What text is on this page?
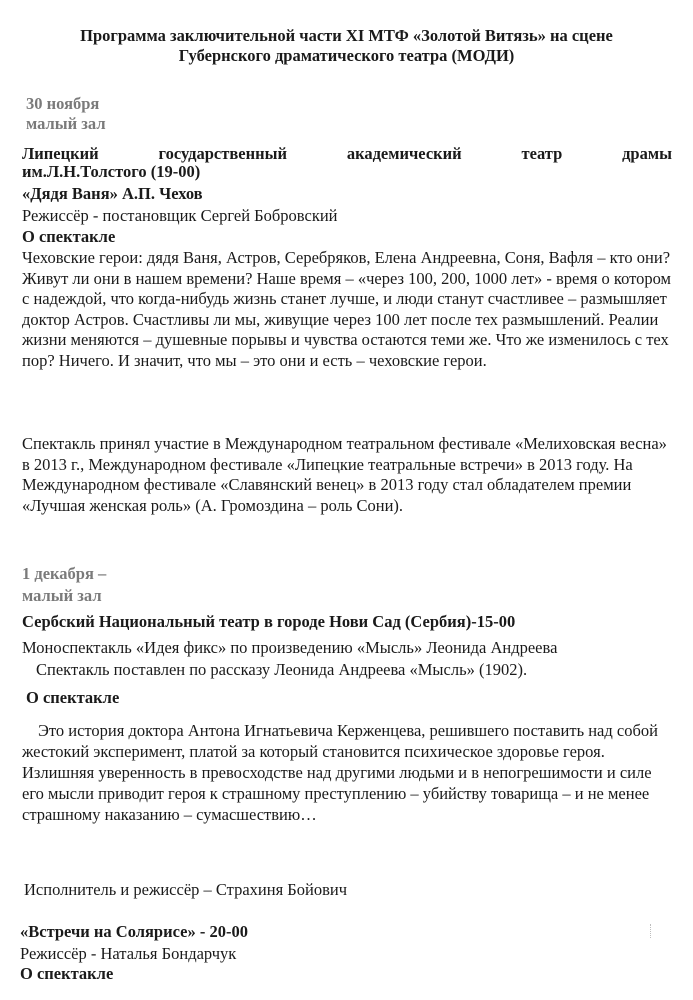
Программа заключительной части XI МТФ «Золотой Витязь» на сцене
Губернского драматического театра (МОДИ)
30 ноября
малый зал
Липецкий	государственный	академический	театр	драмы
им.Л.Н.Толстого (19-00)
«Дядя Ваня» А.П. Чехов
Режиссёр - постановщик Сергей Бобровский
О спектакле
Чеховские герои: дядя Ваня, Астров, Серебряков, Елена Андреевна, Соня, Вафля – кто они? Живут ли они в нашем времени? Наше время – «через 100, 200, 1000 лет» - время о котором с надеждой, что когда-нибудь жизнь станет лучше, и люди станут счастливее – размышляет доктор Астров. Счастливы ли мы, живущие через 100 лет после тех размышлений. Реалии жизни меняются – душевные порывы и чувства остаются теми же. Что же изменилось с тех пор? Ничего. И значит, что мы – это они и есть – чеховские герои.
Спектакль принял участие в Международном театральном фестивале «Мелиховская весна» в 2013 г., Международном фестивале «Липецкие театральные встречи» в 2013 году. На Международном фестивале «Славянский венец» в 2013 году стал обладателем премии «Лучшая женская роль» (А. Громоздина – роль Сони).
1 декабря –
малый зал
Сербский Национальный театр в городе Нови Сад (Сербия)-15-00
Моноспектакль «Идея фикс» по произведению «Мысль» Леонида Андреева
Спектакль поставлен по рассказу Леонида Андреева «Мысль» (1902).
О спектакле
Это история доктора Антона Игнатьевича Керженцева, решившего поставить над собой жестокий эксперимент, платой за который становится психическое здоровье героя. Излишняя уверенность в превосходстве над другими людьми и в непогрешимости и силе его мысли приводит героя к страшному преступлению – убийству товарища – и не менее страшному наказанию – сумасшествию…
Исполнитель и режиссёр – Страхиня Бойович
«Встречи на Солярисе» - 20-00
Режиссёр - Наталья Бондарчук
О спектакле
